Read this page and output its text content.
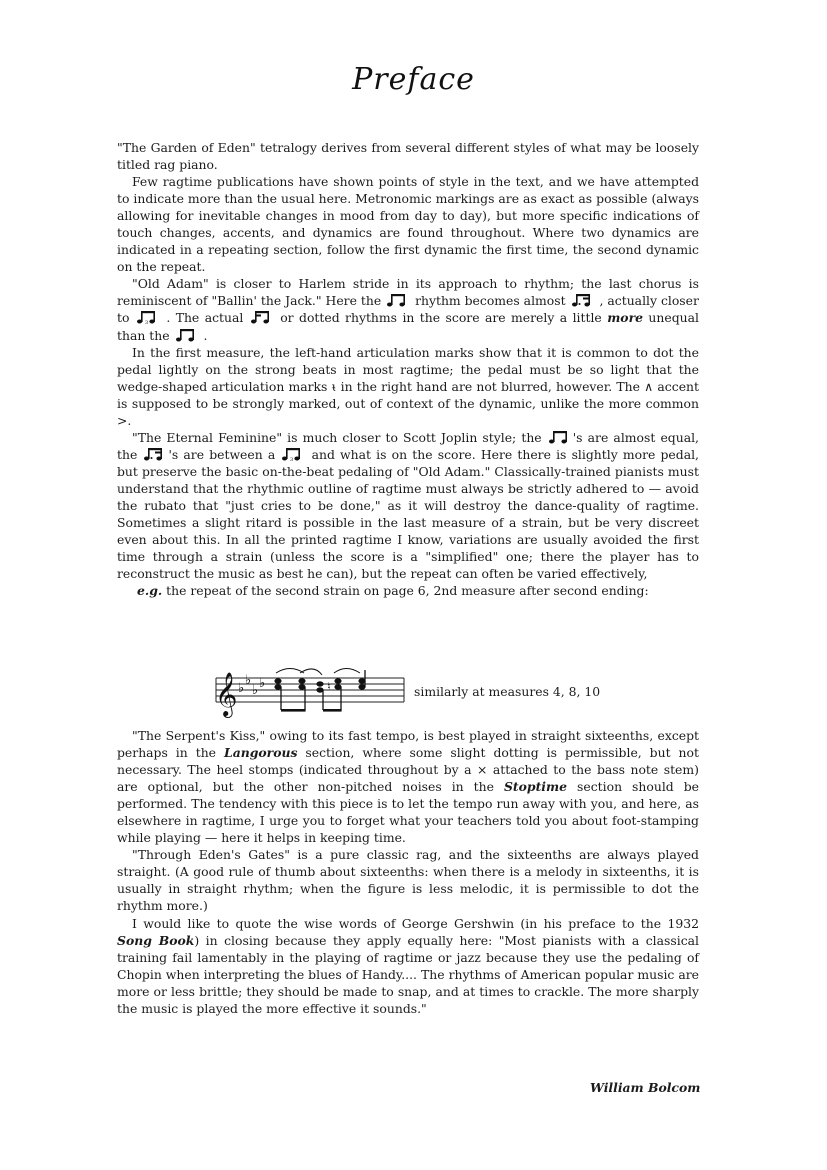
Preface

"The Garden of Eden" tetralogy derives from several different styles of what may be loosely titled rag piano.

Few ragtime publications have shown points of style in the text, and we have attempted to indicate more than the usual here. Metronomic markings are as exact as possible (always allowing for inevitable changes in mood from day to day), but more specific indications of touch changes, accents, and dynamics are found throughout. Where two dynamics are indicated in a repeating section, follow the first dynamic the first time, the second dynamic on the repeat.

"Old Adam" is closer to Harlem stride in its approach to rhythm; the last chorus is reminiscent of "Ballin' the Jack." Here the	rhythm becomes almost	, actually closer to	3 . The actual	or dotted rhythms in the score are merely a little more unequal than the	.

In the first measure, the left-hand articulation marks show that it is common to dot the pedal lightly on the strong beats in most ragtime; the pedal must be so light that the wedge-shaped articulation marks ᵼ in the right hand are not blurred, however. The ∧ accent is supposed to be strongly marked, out of context of the dynamic, unlike the more common >.

"The Eternal Feminine" is much closer to Scott Joplin style; the	's are almost equal, the	's are between a	3 and what is on the score. Here there is slightly more pedal, but preserve the basic on-the-beat pedaling of "Old Adam." Classically-trained pianists must understand that the rhythmic outline of ragtime must always be strictly adhered to — avoid the rubato that "just cries to be done," as it will destroy the dance-quality of ragtime. Sometimes a slight ritard is possible in the last measure of a strain, but be very discreet even about this. In all the printed ragtime I know, variations are usually avoided the first time through a strain (unless the score is a "simplified" one; there the player has to reconstruct the music as best he can), but the repeat can often be varied effectively,

e.g. the repeat of the second strain on page 6, 2nd measure after second ending:

𝄞 ♭
♭
♭ ♭	♮	similarly at measures 4, 8, 10

"The Serpent's Kiss," owing to its fast tempo, is best played in straight sixteenths, except perhaps in the Langorous section, where some slight dotting is permissible, but not necessary. The heel stomps (indicated throughout by a × attached to the bass note stem) are optional, but the other non-pitched noises in the Stoptime section should be performed. The tendency with this piece is to let the tempo run away with you, and here, as elsewhere in ragtime, I urge you to forget what your teachers told you about foot-stamping while playing — here it helps in keeping time.

"Through Eden's Gates" is a pure classic rag, and the sixteenths are always played straight. (A good rule of thumb about sixteenths: when there is a melody in sixteenths, it is usually in straight rhythm; when the figure is less melodic, it is permissible to dot the rhythm more.)

I would like to quote the wise words of George Gershwin (in his preface to the 1932 Song Book) in closing because they apply equally here: "Most pianists with a classical training fail lamentably in the playing of ragtime or jazz because they use the pedaling of Chopin when interpreting the blues of Handy.... The rhythms of American popular music are more or less brittle; they should be made to snap, and at times to crackle. The more sharply the music is played the more effective it sounds."

William Bolcom
